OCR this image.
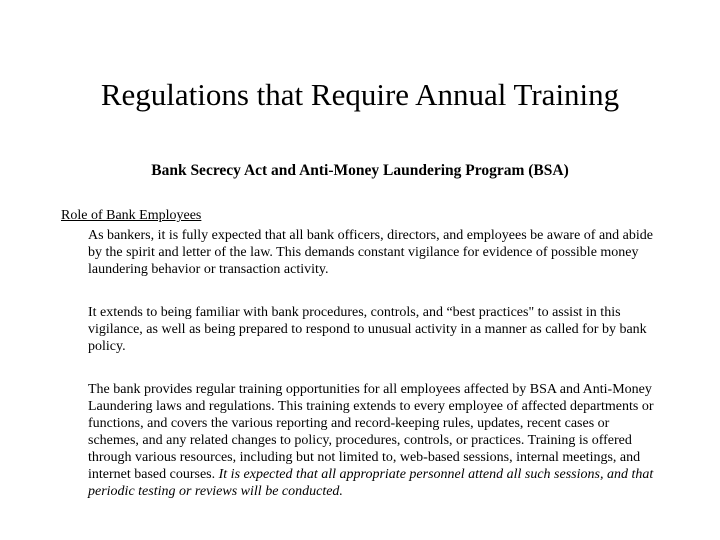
Regulations that Require Annual Training
Bank Secrecy Act and Anti-Money Laundering Program (BSA)
Role of Bank Employees

As bankers, it is fully expected that all bank officers, directors, and employees be aware of and abide by the spirit and letter of the law. This demands constant vigilance for evidence of possible money laundering behavior or transaction activity.

It extends to being familiar with bank procedures, controls, and “best practices" to assist in this vigilance, as well as being prepared to respond to unusual activity in a manner as called for by bank policy.

The bank provides regular training opportunities for all employees affected by BSA and Anti-Money Laundering laws and regulations. This training extends to every employee of affected departments or functions, and covers the various reporting and record-keeping rules, updates, recent cases or schemes, and any related changes to policy, procedures, controls, or practices. Training is offered through various resources, including but not limited to, web-based sessions, internal meetings, and internet based courses. It is expected that all appropriate personnel attend all such sessions, and that periodic testing or reviews will be conducted.
